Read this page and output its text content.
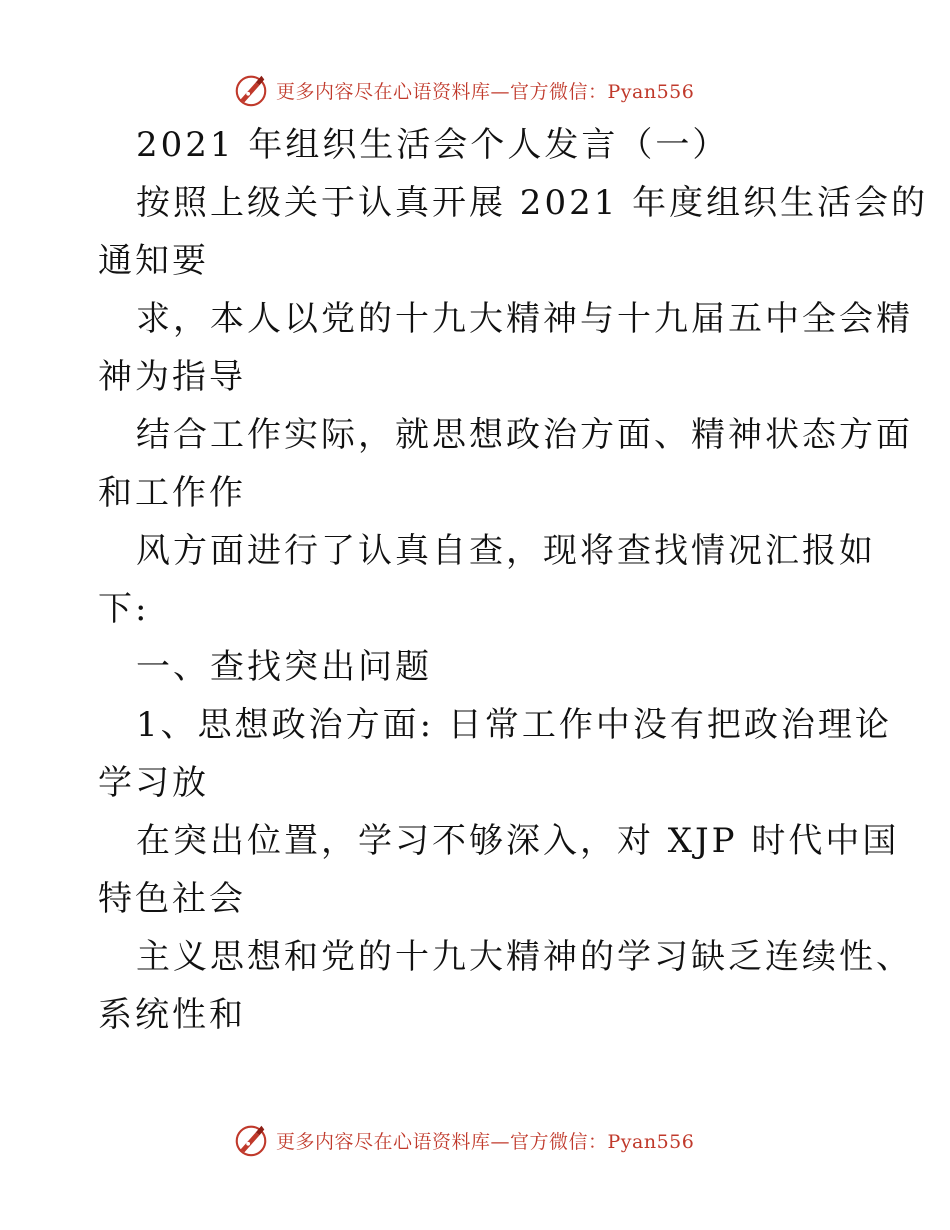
更多内容尽在心语资料库—官方微信：Pyan556
2021 年组织生活会个人发言（一）
按照上级关于认真开展 2021 年度组织生活会的
通知要
求，本人以党的十九大精神与十九届五中全会精
神为指导
结合工作实际，就思想政治方面、精神状态方面
和工作作
风方面进行了认真自查，现将查找情况汇报如
下:
一、查找突出问题
1、思想政治方面: 日常工作中没有把政治理论
学习放
在突出位置，学习不够深入，对 XJP 时代中国
特色社会
主义思想和党的十九大精神的学习缺乏连续性、
系统性和
更多内容尽在心语资料库—官方微信：Pyan556
